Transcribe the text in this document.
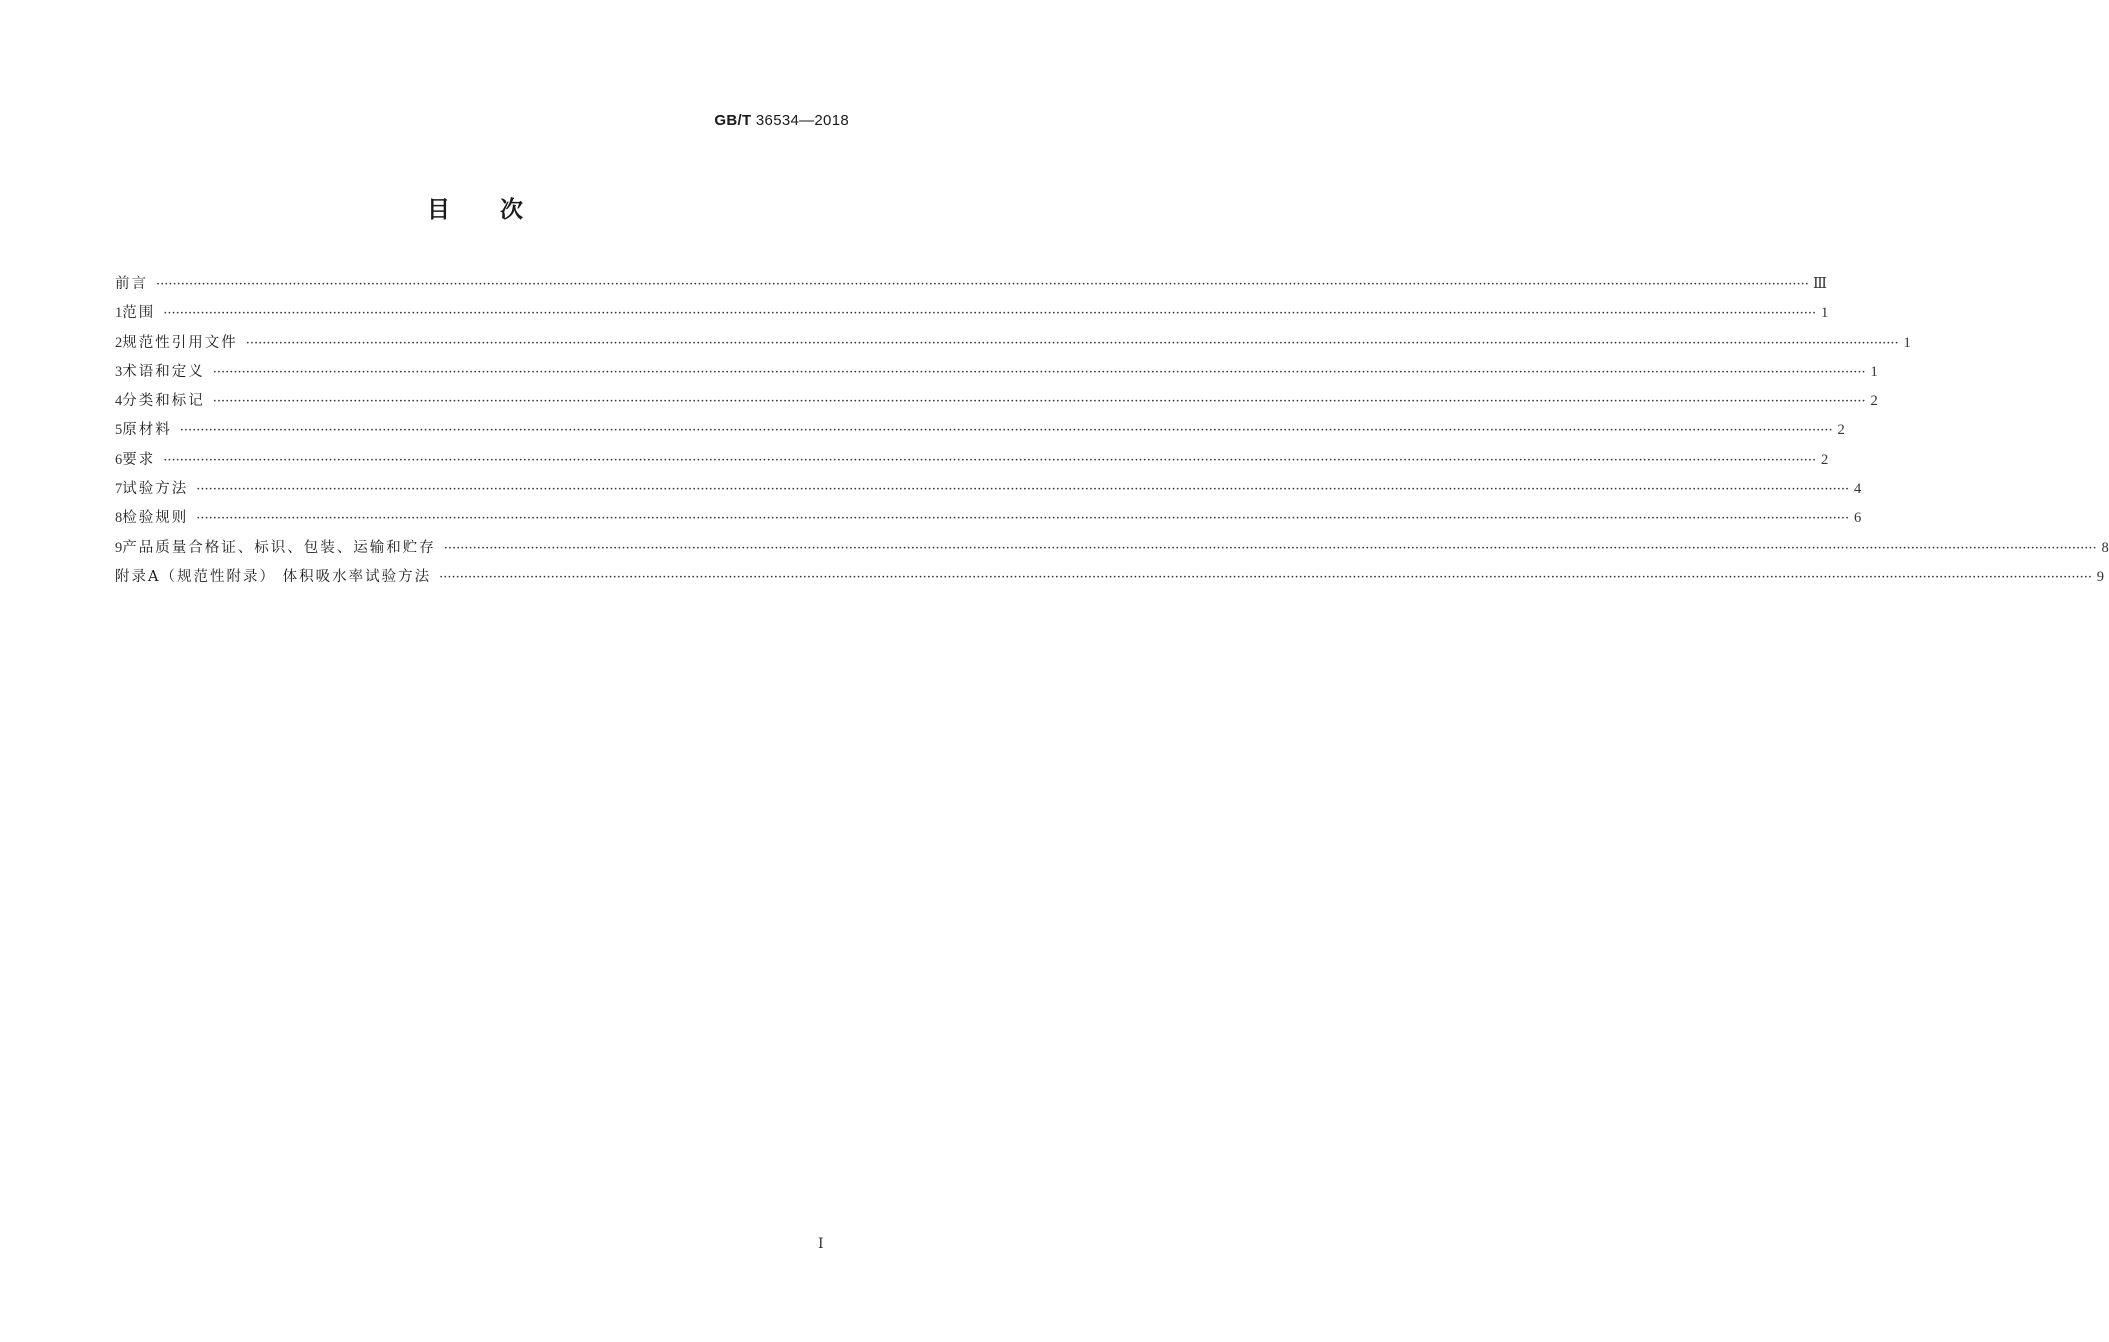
GB/T 36534—2018
目次
前言 ················································································································································································································································································································································································································ Ⅲ
1 范围 ················································································································································································································································································································································································································ 1
2 规范性引用文件 ················································································································································································································································································································································································································ 1
3 术语和定义 ················································································································································································································································································································································································································ 1
4 分类和标记 ················································································································································································································································································································································································································ 2
5 原材料 ················································································································································································································································································································································································································ 2
6 要求 ················································································································································································································································································································································································································ 2
7 试验方法 ················································································································································································································································································································································································································ 4
8 检验规则 ················································································································································································································································································································································································································ 6
9 产品质量合格证、标识、包装、运输和贮存 ················································································································································································································································································································································································································ 8
附录A（规范性附录） 体积吸水率试验方法 ················································································································································································································································································································································································································ 9
Ⅰ
